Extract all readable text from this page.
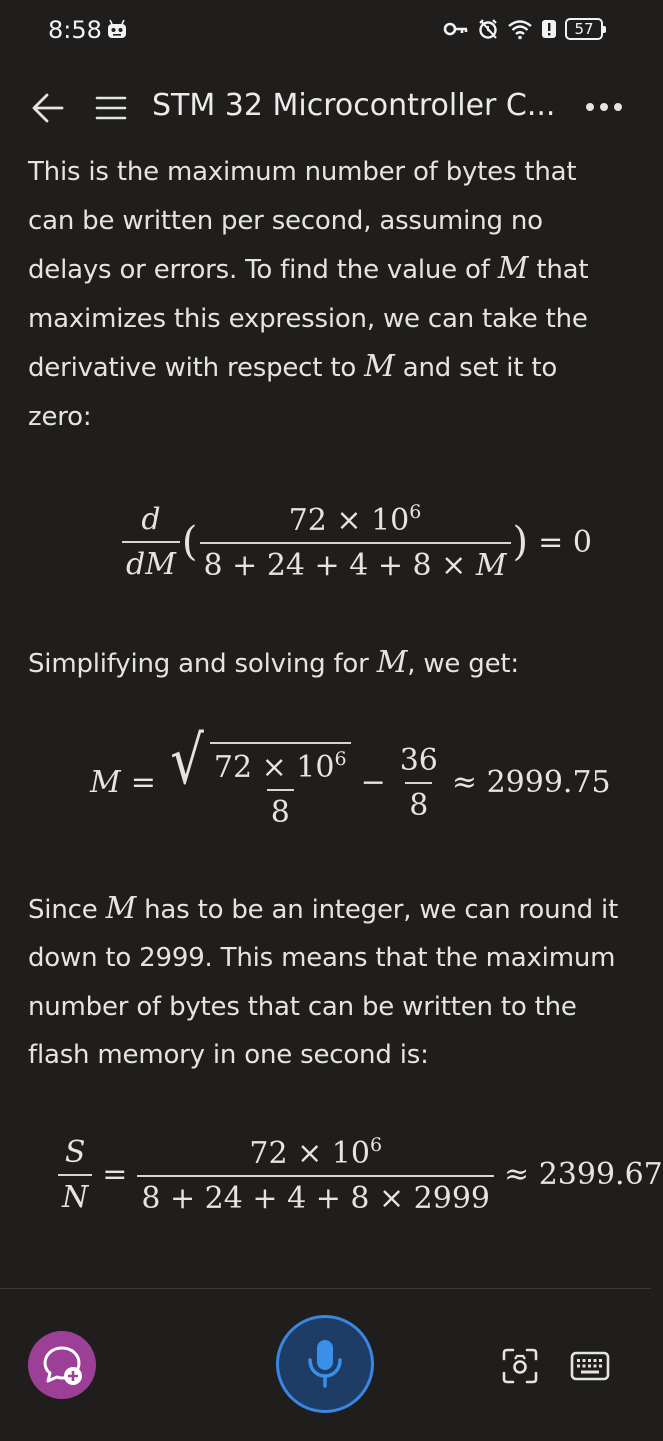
8:58	57
STM 32 Microcontroller C...

This is the maximum number of bytes that can be written per second, assuming no delays or errors. To find the value of M that maximizes this expression, we can take the derivative with respect to M and set it to zero:

$\frac{d}{dM}$ ( $\frac{72 \times 10^6}{8 + 24 + 4 + 8 \times M}$ ) = 0

Simplifying and solving for M, we get:

M = √ $\frac{72 \times 10^6}{8} - \frac{36}{8} \approx 2999.75$

Since M has to be an integer, we can round it down to 2999. This means that the maximum number of bytes that can be written to the flash memory in one second is:

$\frac{S}{N} = \frac{72 \times 10^6}{8 + 24 + 4 + 8 \times 2999} \approx 2399.67$
